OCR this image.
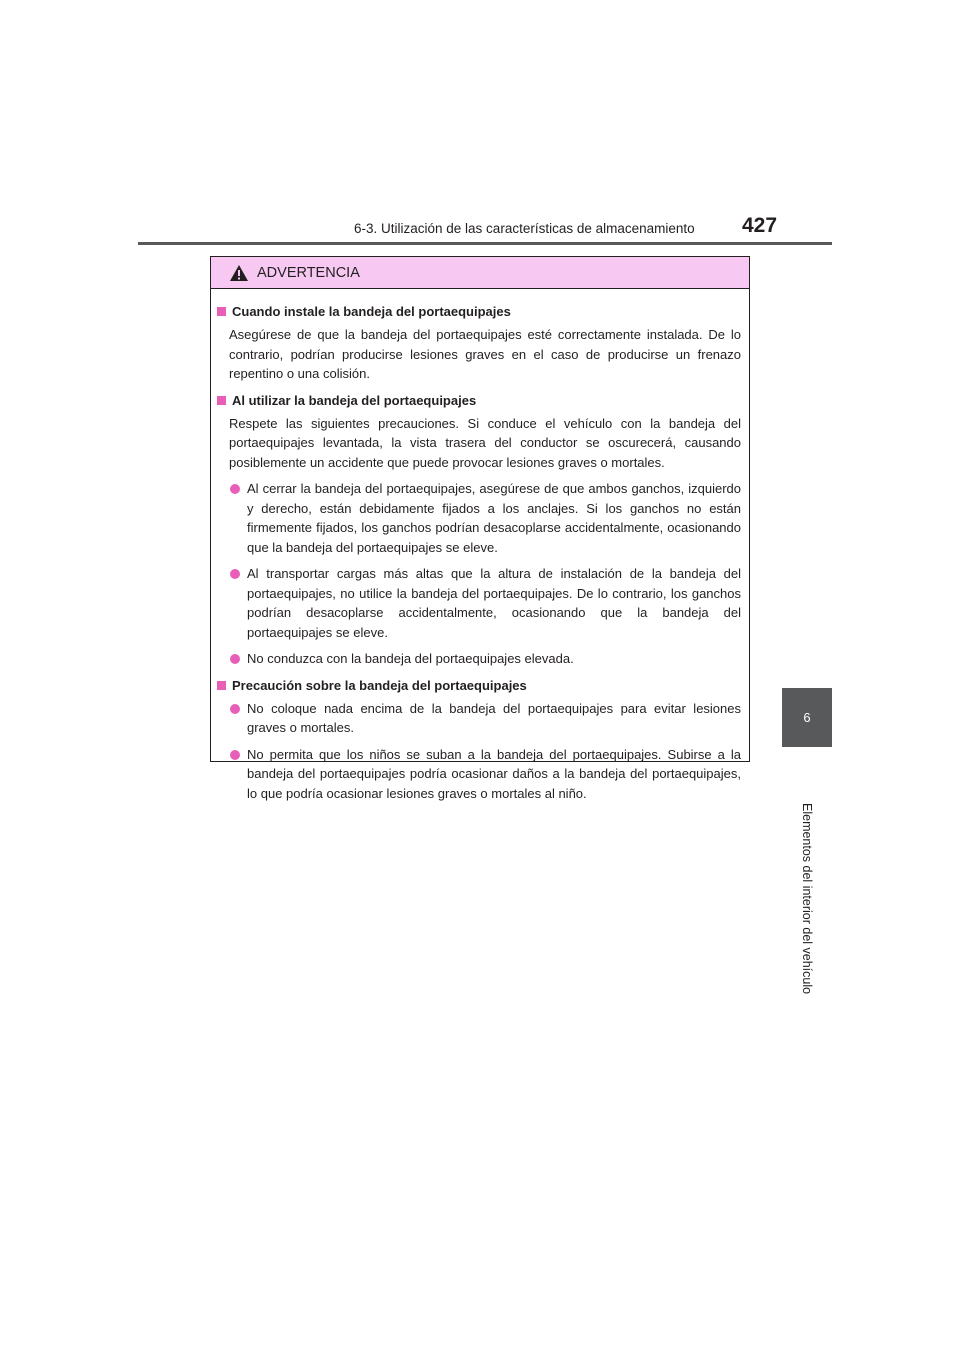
6-3. Utilización de las características de almacenamiento 427
6
Elementos del interior del vehículo
ADVERTENCIA
Cuando instale la bandeja del portaequipajes
Asegúrese de que la bandeja del portaequipajes esté correctamente instalada. De lo contrario, podrían producirse lesiones graves en el caso de producirse un frenazo repentino o una colisión.
Al utilizar la bandeja del portaequipajes
Respete las siguientes precauciones. Si conduce el vehículo con la bandeja del portaequipajes levantada, la vista trasera del conductor se oscurecerá, causando posiblemente un accidente que puede provocar lesiones graves o mortales.
Al cerrar la bandeja del portaequipajes, asegúrese de que ambos ganchos, izquierdo y derecho, están debidamente fijados a los anclajes. Si los ganchos no están firmemente fijados, los ganchos podrían desacoplarse accidentalmente, ocasionando que la bandeja del portaequipajes se eleve.
Al transportar cargas más altas que la altura de instalación de la bandeja del portaequipajes, no utilice la bandeja del portaequipajes. De lo contrario, los ganchos podrían desacoplarse accidentalmente, ocasionando que la bandeja del portaequipajes se eleve.
No conduzca con la bandeja del portaequipajes elevada.
Precaución sobre la bandeja del portaequipajes
No coloque nada encima de la bandeja del portaequipajes para evitar lesiones graves o mortales.
No permita que los niños se suban a la bandeja del portaequipajes. Subirse a la bandeja del portaequipajes podría ocasionar daños a la bandeja del portaequipajes, lo que podría ocasionar lesiones graves o mortales al niño.
